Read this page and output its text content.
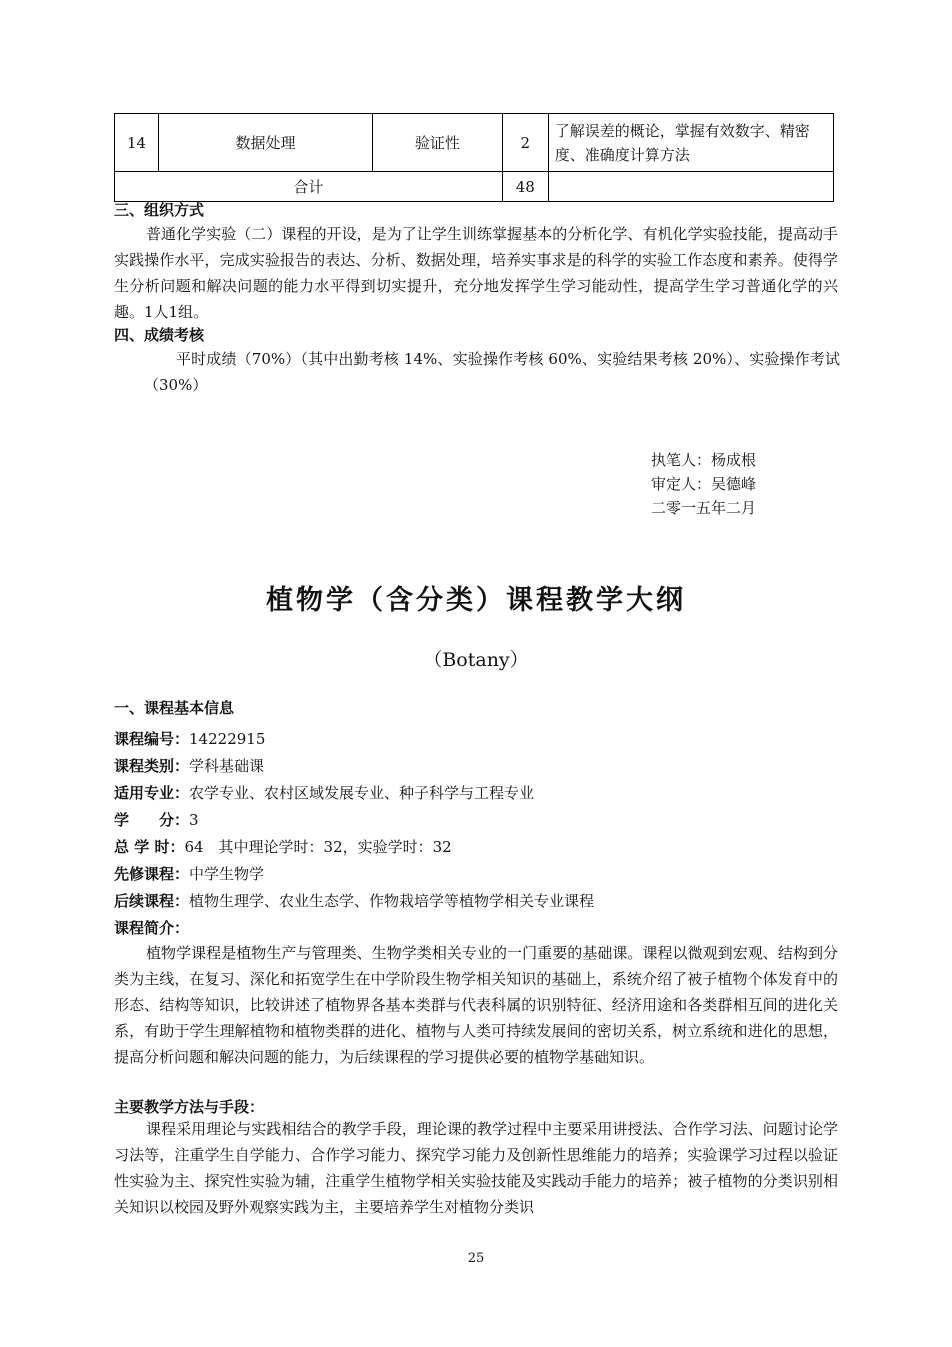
14	数据处理	验证性	2	了解误差的概论，掌握有效数字、精密度、准确度计算方法
合计			48	
三、组织方式
普通化学实验（二）课程的开设，是为了让学生训练掌握基本的分析化学、有机化学实验技能，提高动手实践操作水平，完成实验报告的表达、分析、数据处理，培养实事求是的科学的实验工作态度和素养。使得学生分析问题和解决问题的能力水平得到切实提升，充分地发挥学生学习能动性，提高学生学习普通化学的兴趣。1人1组。
四、成绩考核
平时成绩（70%）（其中出勤考核 14%、实验操作考核 60%、实验结果考核 20%）、实验操作考试（30%）
执笔人：杨成根
审定人：吴德峰
二零一五年二月
植物学（含分类）课程教学大纲
（Botany）
一、课程基本信息
课程编号：14222915
课程类别：学科基础课
适用专业：农学专业、农村区域发展专业、种子科学与工程专业
学　　分：3
总 学 时：64　其中理论学时：32，实验学时：32
先修课程：中学生物学
后续课程：植物生理学、农业生态学、作物栽培学等植物学相关专业课程
课程简介：
植物学课程是植物生产与管理类、生物学类相关专业的一门重要的基础课。课程以微观到宏观、结构到分类为主线，在复习、深化和拓宽学生在中学阶段生物学相关知识的基础上，系统介绍了被子植物个体发育中的形态、结构等知识，比较讲述了植物界各基本类群与代表科属的识别特征、经济用途和各类群相互间的进化关系，有助于学生理解植物和植物类群的进化、植物与人类可持续发展间的密切关系，树立系统和进化的思想，提高分析问题和解决问题的能力，为后续课程的学习提供必要的植物学基础知识。
主要教学方法与手段：
课程采用理论与实践相结合的教学手段，理论课的教学过程中主要采用讲授法、合作学习法、问题讨论学习法等，注重学生自学能力、合作学习能力、探究学习能力及创新性思维能力的培养；实验课学习过程以验证性实验为主、探究性实验为辅，注重学生植物学相关实验技能及实践动手能力的培养；被子植物的分类识别相关知识以校园及野外观察实践为主，主要培养学生对植物分类识
25
